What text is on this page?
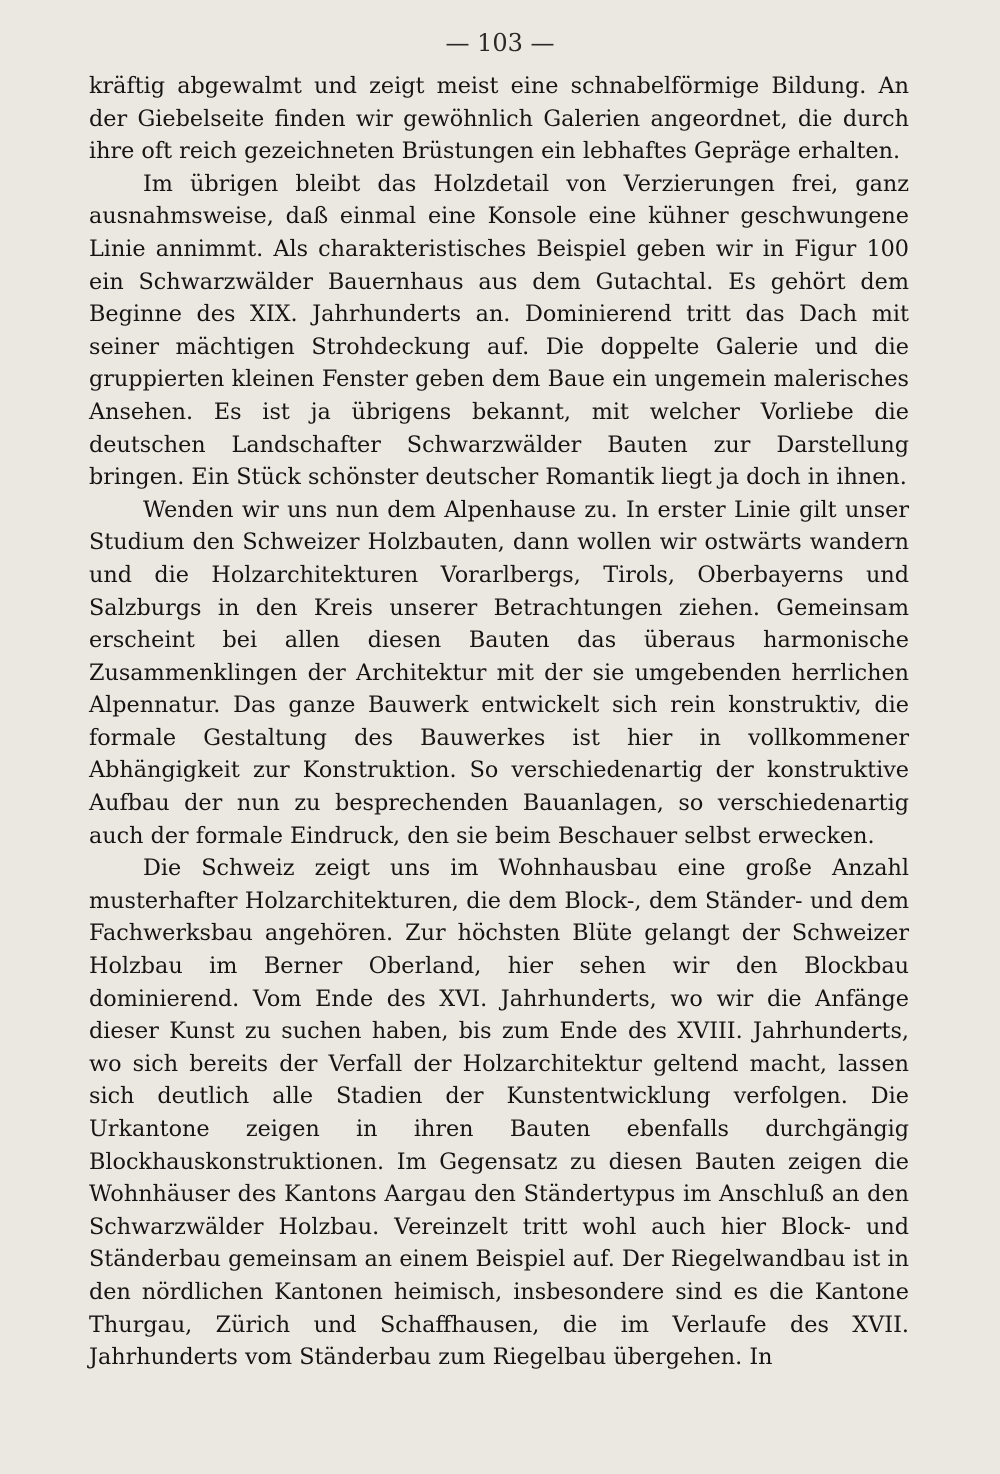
— 103 —

kräftig abgewalmt und zeigt meist eine schnabelförmige Bildung. An der Giebelseite finden wir gewöhnlich Galerien angeordnet, die durch ihre oft reich gezeichneten Brüstungen ein lebhaftes Gepräge erhalten.

Im übrigen bleibt das Holzdetail von Verzierungen frei, ganz ausnahmsweise, daß einmal eine Konsole eine kühner geschwungene Linie annimmt. Als charakteristisches Beispiel geben wir in Figur 100 ein Schwarzwälder Bauernhaus aus dem Gutachtal. Es gehört dem Beginne des XIX. Jahrhunderts an. Dominierend tritt das Dach mit seiner mächtigen Strohdeckung auf. Die doppelte Galerie und die gruppierten kleinen Fenster geben dem Baue ein ungemein malerisches Ansehen. Es ist ja übrigens bekannt, mit welcher Vorliebe die deutschen Landschafter Schwarzwälder Bauten zur Darstellung bringen. Ein Stück schönster deutscher Romantik liegt ja doch in ihnen.

Wenden wir uns nun dem Alpenhause zu. In erster Linie gilt unser Studium den Schweizer Holzbauten, dann wollen wir ostwärts wandern und die Holzarchitekturen Vorarlbergs, Tirols, Oberbayerns und Salzburgs in den Kreis unserer Betrachtungen ziehen. Gemeinsam erscheint bei allen diesen Bauten das überaus harmonische Zusammenklingen der Architektur mit der sie umgebenden herrlichen Alpennatur. Das ganze Bauwerk entwickelt sich rein konstruktiv, die formale Gestaltung des Bauwerkes ist hier in vollkommener Abhängigkeit zur Konstruktion. So verschiedenartig der konstruktive Aufbau der nun zu besprechenden Bauanlagen, so verschiedenartig auch der formale Eindruck, den sie beim Beschauer selbst erwecken.

Die Schweiz zeigt uns im Wohnhausbau eine große Anzahl musterhafter Holzarchitekturen, die dem Block-, dem Ständer- und dem Fachwerksbau angehören. Zur höchsten Blüte gelangt der Schweizer Holzbau im Berner Oberland, hier sehen wir den Blockbau dominierend. Vom Ende des XVI. Jahrhunderts, wo wir die Anfänge dieser Kunst zu suchen haben, bis zum Ende des XVIII. Jahrhunderts, wo sich bereits der Verfall der Holzarchitektur geltend macht, lassen sich deutlich alle Stadien der Kunstentwicklung verfolgen. Die Urkantone zeigen in ihren Bauten ebenfalls durchgängig Blockhauskonstruktionen. Im Gegensatz zu diesen Bauten zeigen die Wohnhäuser des Kantons Aargau den Ständertypus im Anschluß an den Schwarzwälder Holzbau. Vereinzelt tritt wohl auch hier Block- und Ständerbau gemeinsam an einem Beispiel auf. Der Riegelwandbau ist in den nördlichen Kantonen heimisch, insbesondere sind es die Kantone Thurgau, Zürich und Schaffhausen, die im Verlaufe des XVII. Jahrhunderts vom Ständerbau zum Riegelbau übergehen. In
